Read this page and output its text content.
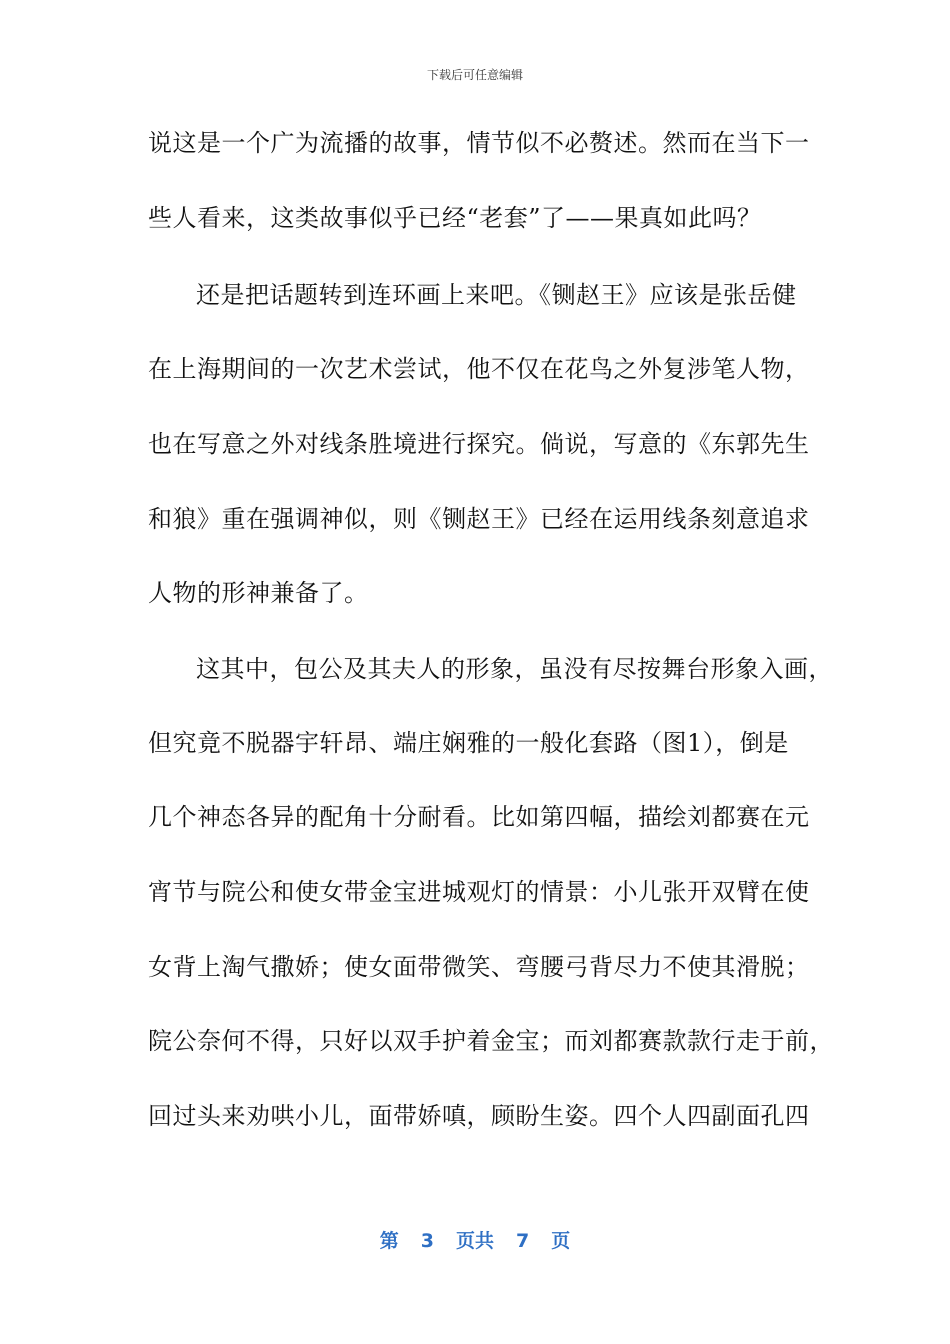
下载后可任意编辑
说这是一个广为流播的故事，情节似不必赘述。然而在当下一
些人看来，这类故事似乎已经“老套”了——果真如此吗？
还是把话题转到连环画上来吧。《铡赵王》应该是张岳健
在上海期间的一次艺术尝试，他不仅在花鸟之外复涉笔人物，
也在写意之外对线条胜境进行探究。倘说，写意的《东郭先生
和狼》重在强调神似，则《铡赵王》已经在运用线条刻意追求
人物的形神兼备了。
这其中，包公及其夫人的形象，虽没有尽按舞台形象入画，
但究竟不脱器宇轩昂、端庄娴雅的一般化套路（图1），倒是
几个神态各异的配角十分耐看。比如第四幅，描绘刘都赛在元
宵节与院公和使女带金宝进城观灯的情景：小儿张开双臂在使
女背上淘气撒娇；使女面带微笑、弯腰弓背尽力不使其滑脱；
院公奈何不得，只好以双手护着金宝；而刘都赛款款行走于前，
回过头来劝哄小儿，面带娇嗔，顾盼生姿。四个人四副面孔四
第 3 页共 7 页
